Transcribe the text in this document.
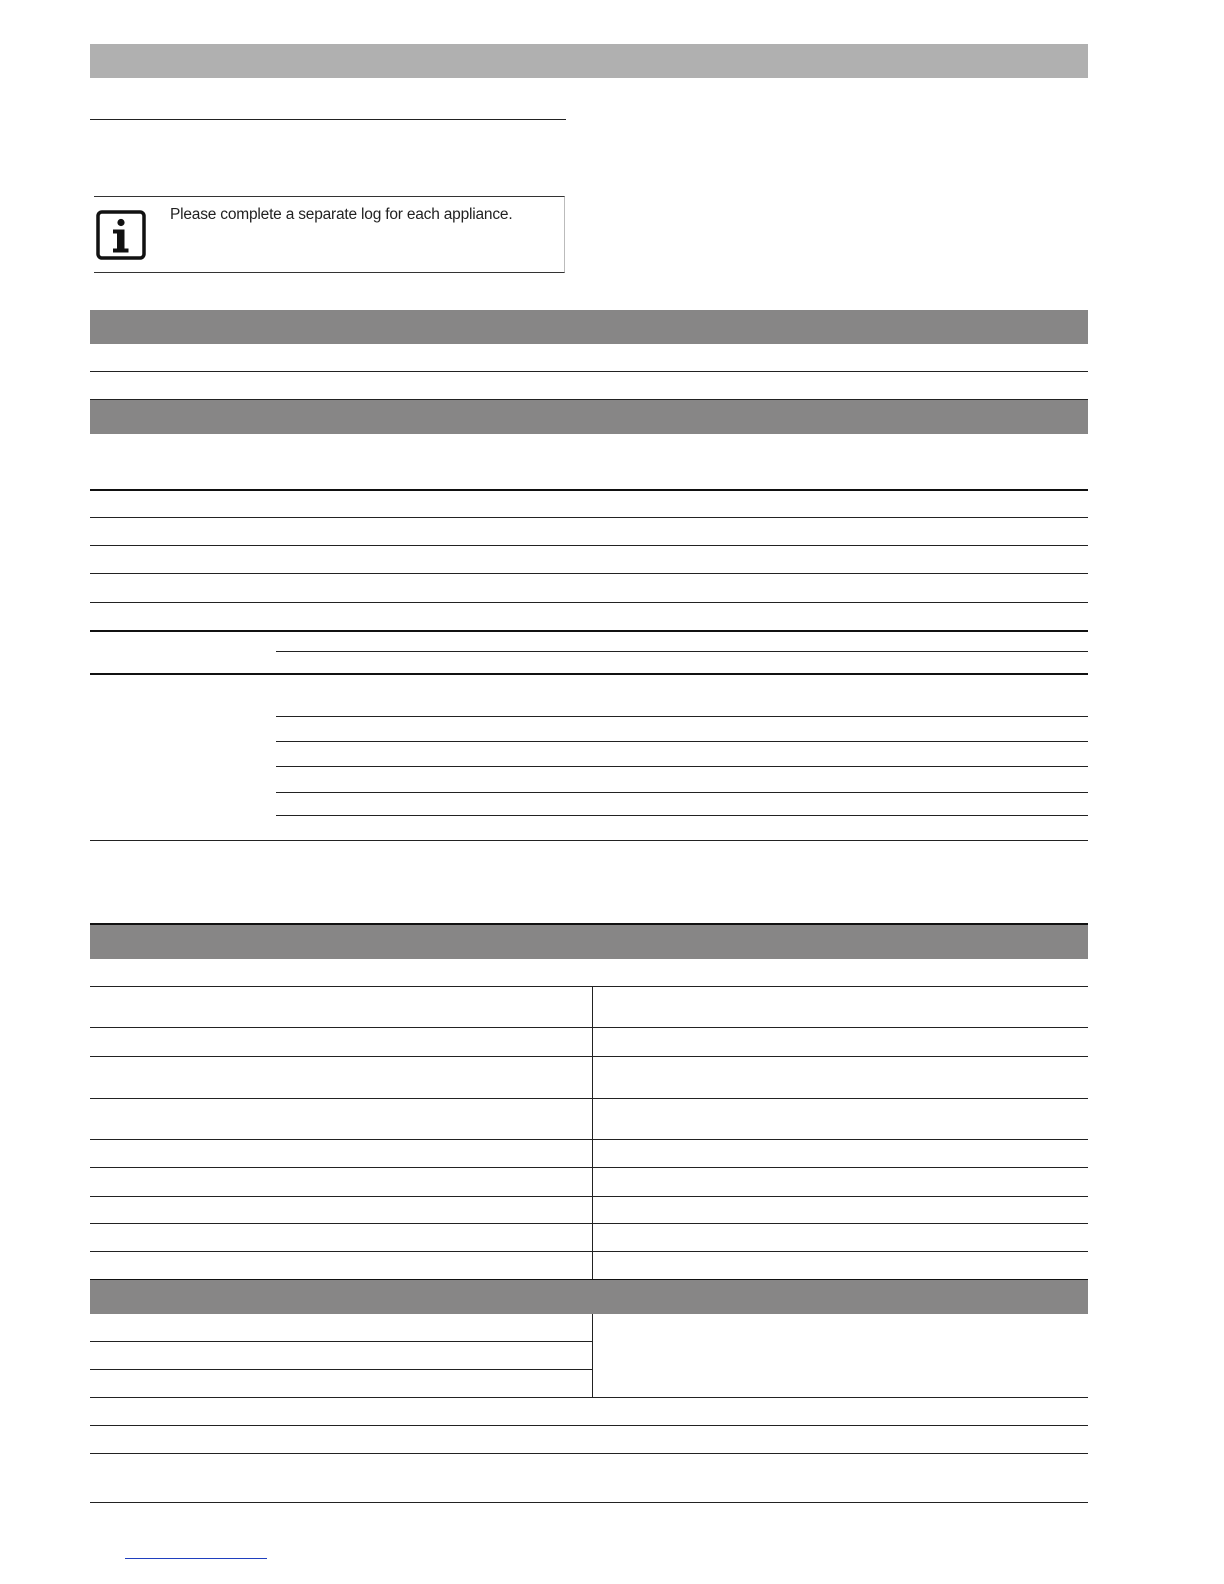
Please complete a separate log for each appliance.
